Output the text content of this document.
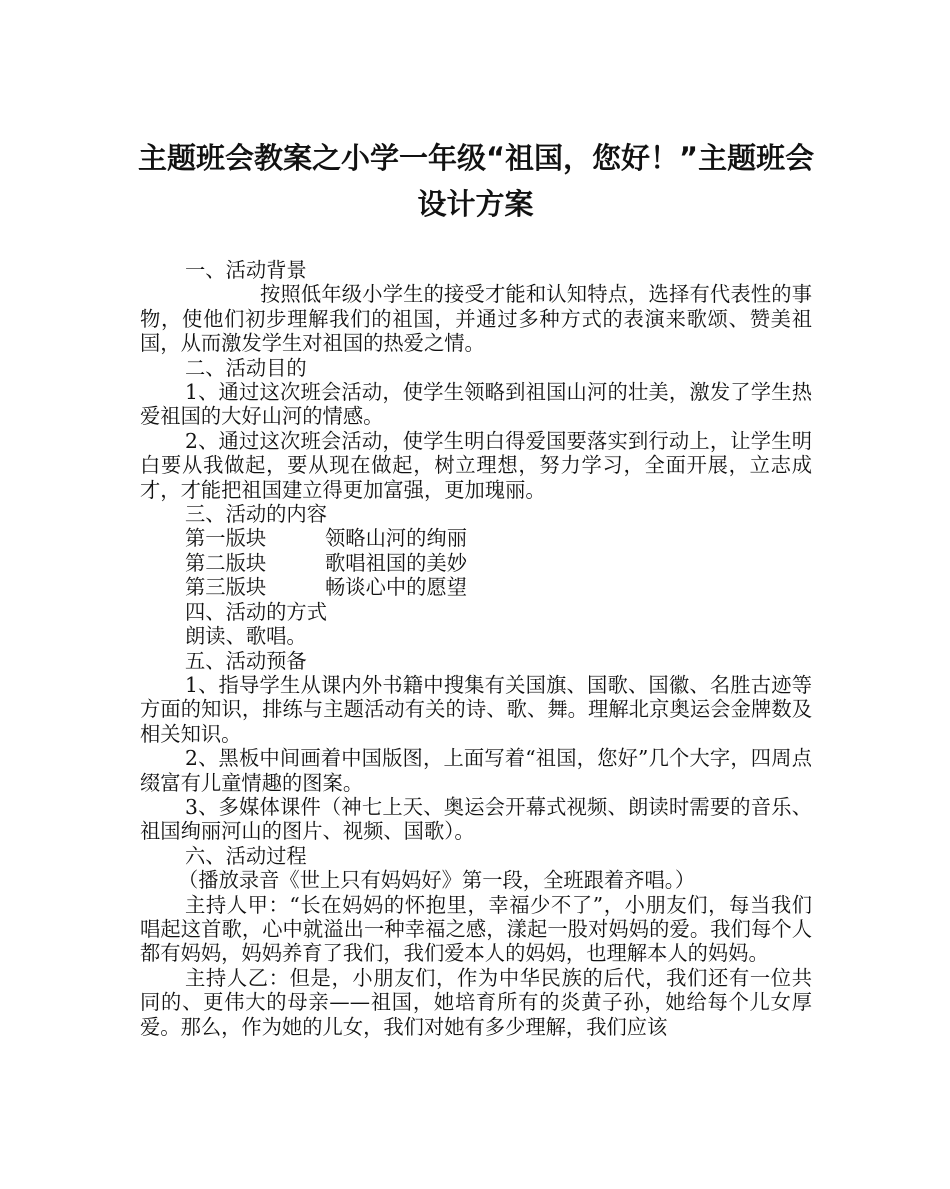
主题班会教案之小学一年级“祖国，您好！”主题班会
设计方案

一、活动背景

按照低年级小学生的接受才能和认知特点，选择有代表性的事物，使他们初步理解我们的祖国，并通过多种方式的表演来歌颂、赞美祖国，从而激发学生对祖国的热爱之情。

二、活动目的

1、通过这次班会活动，使学生领略到祖国山河的壮美，激发了学生热爱祖国的大好山河的情感。

2、通过这次班会活动，使学生明白得爱国要落实到行动上，让学生明白要从我做起，要从现在做起，树立理想，努力学习，全面开展，立志成才，才能把祖国建立得更加富强，更加瑰丽。

三、活动的内容

第一版块	领略山河的绚丽
第二版块	歌唱祖国的美妙
第三版块	畅谈心中的愿望

四、活动的方式

朗读、歌唱。

五、活动预备

1、指导学生从课内外书籍中搜集有关国旗、国歌、国徽、名胜古迹等方面的知识，排练与主题活动有关的诗、歌、舞。理解北京奥运会金牌数及相关知识。

2、黑板中间画着中国版图，上面写着“祖国，您好”几个大字，四周点缀富有儿童情趣的图案。

3、多媒体课件（神七上天、奥运会开幕式视频、朗读时需要的音乐、祖国绚丽河山的图片、视频、国歌）。

六、活动过程

（播放录音《世上只有妈妈好》第一段，全班跟着齐唱。）

主持人甲：“长在妈妈的怀抱里，幸福少不了”，小朋友们，每当我们唱起这首歌，心中就溢出一种幸福之感，漾起一股对妈妈的爱。我们每个人都有妈妈，妈妈养育了我们，我们爱本人的妈妈，也理解本人的妈妈。

主持人乙：但是，小朋友们，作为中华民族的后代，我们还有一位共同的、更伟大的母亲——祖国，她培育所有的炎黄子孙，她给每个儿女厚爱。那么，作为她的儿女，我们对她有多少理解，我们应该
